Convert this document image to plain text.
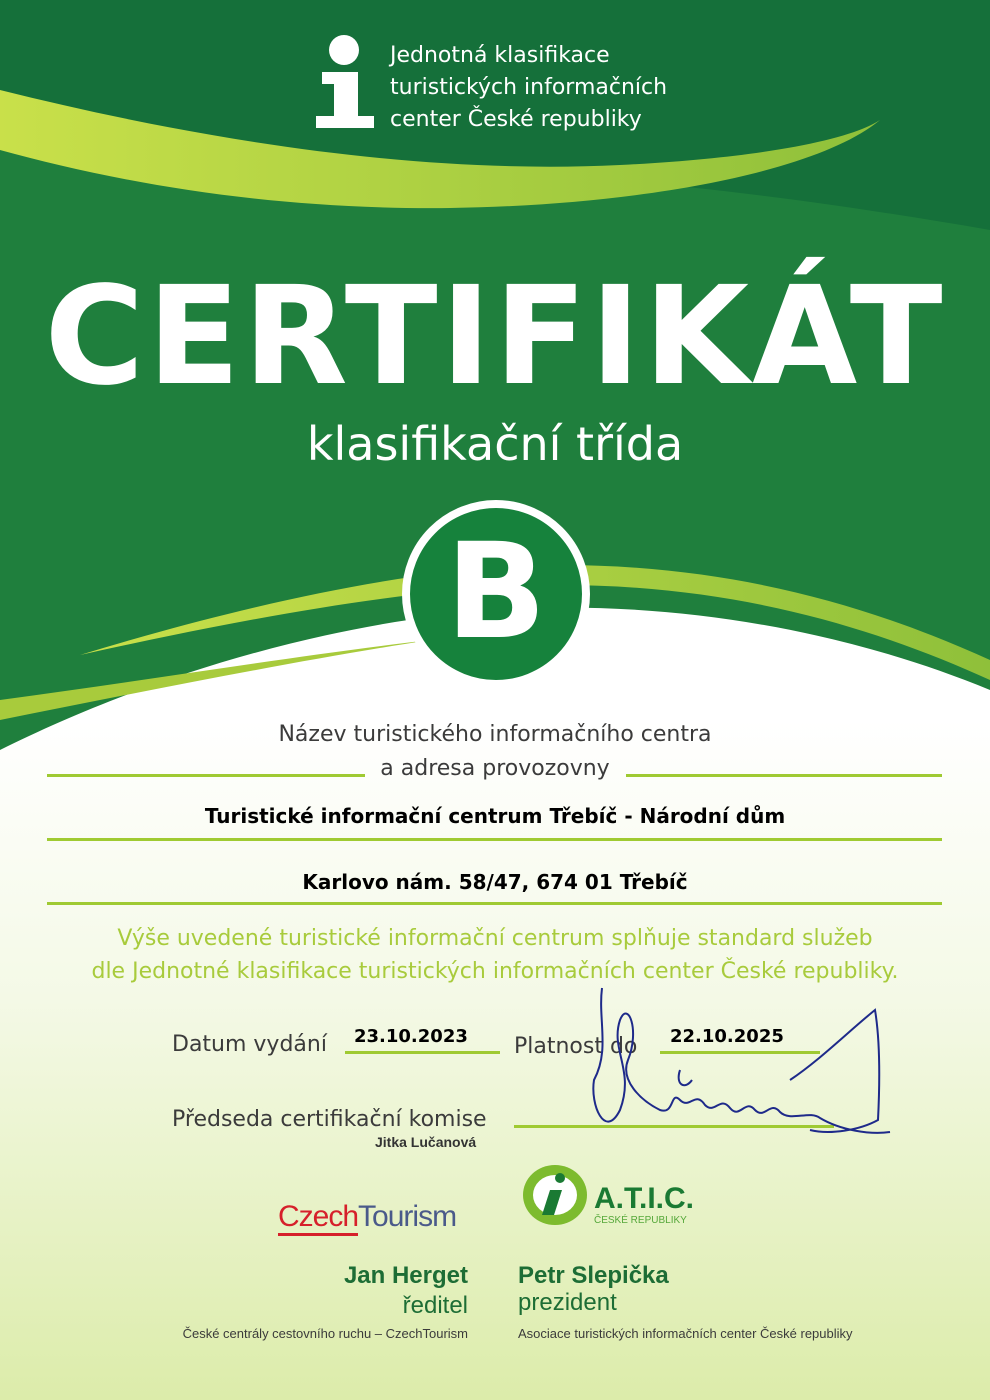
Jednotná klasifikace
turistických informačních
center České republiky
CERTIFIKÁT
klasifikační třída
B
Název turistického informačního centra
a adresa provozovny
Turistické informační centrum Třebíč - Národní dům
Karlovo nám. 58/47, 674 01 Třebíč
Výše uvedené turistické informační centrum splňuje standard služeb
dle Jednotné klasifikace turistických informačních center České republiky.
Datum vydání 23.10.2023 Platnost do 22.10.2025
Předseda certifikační komise
Jitka Lučanová
CzechTourism
A.T.I.C.
ČESKÉ REPUBLIKY
Jan Herget
ředitel
České centrály cestovního ruchu – CzechTourism
Petr Slepička
prezident
Asociace turistických informačních center České republiky
